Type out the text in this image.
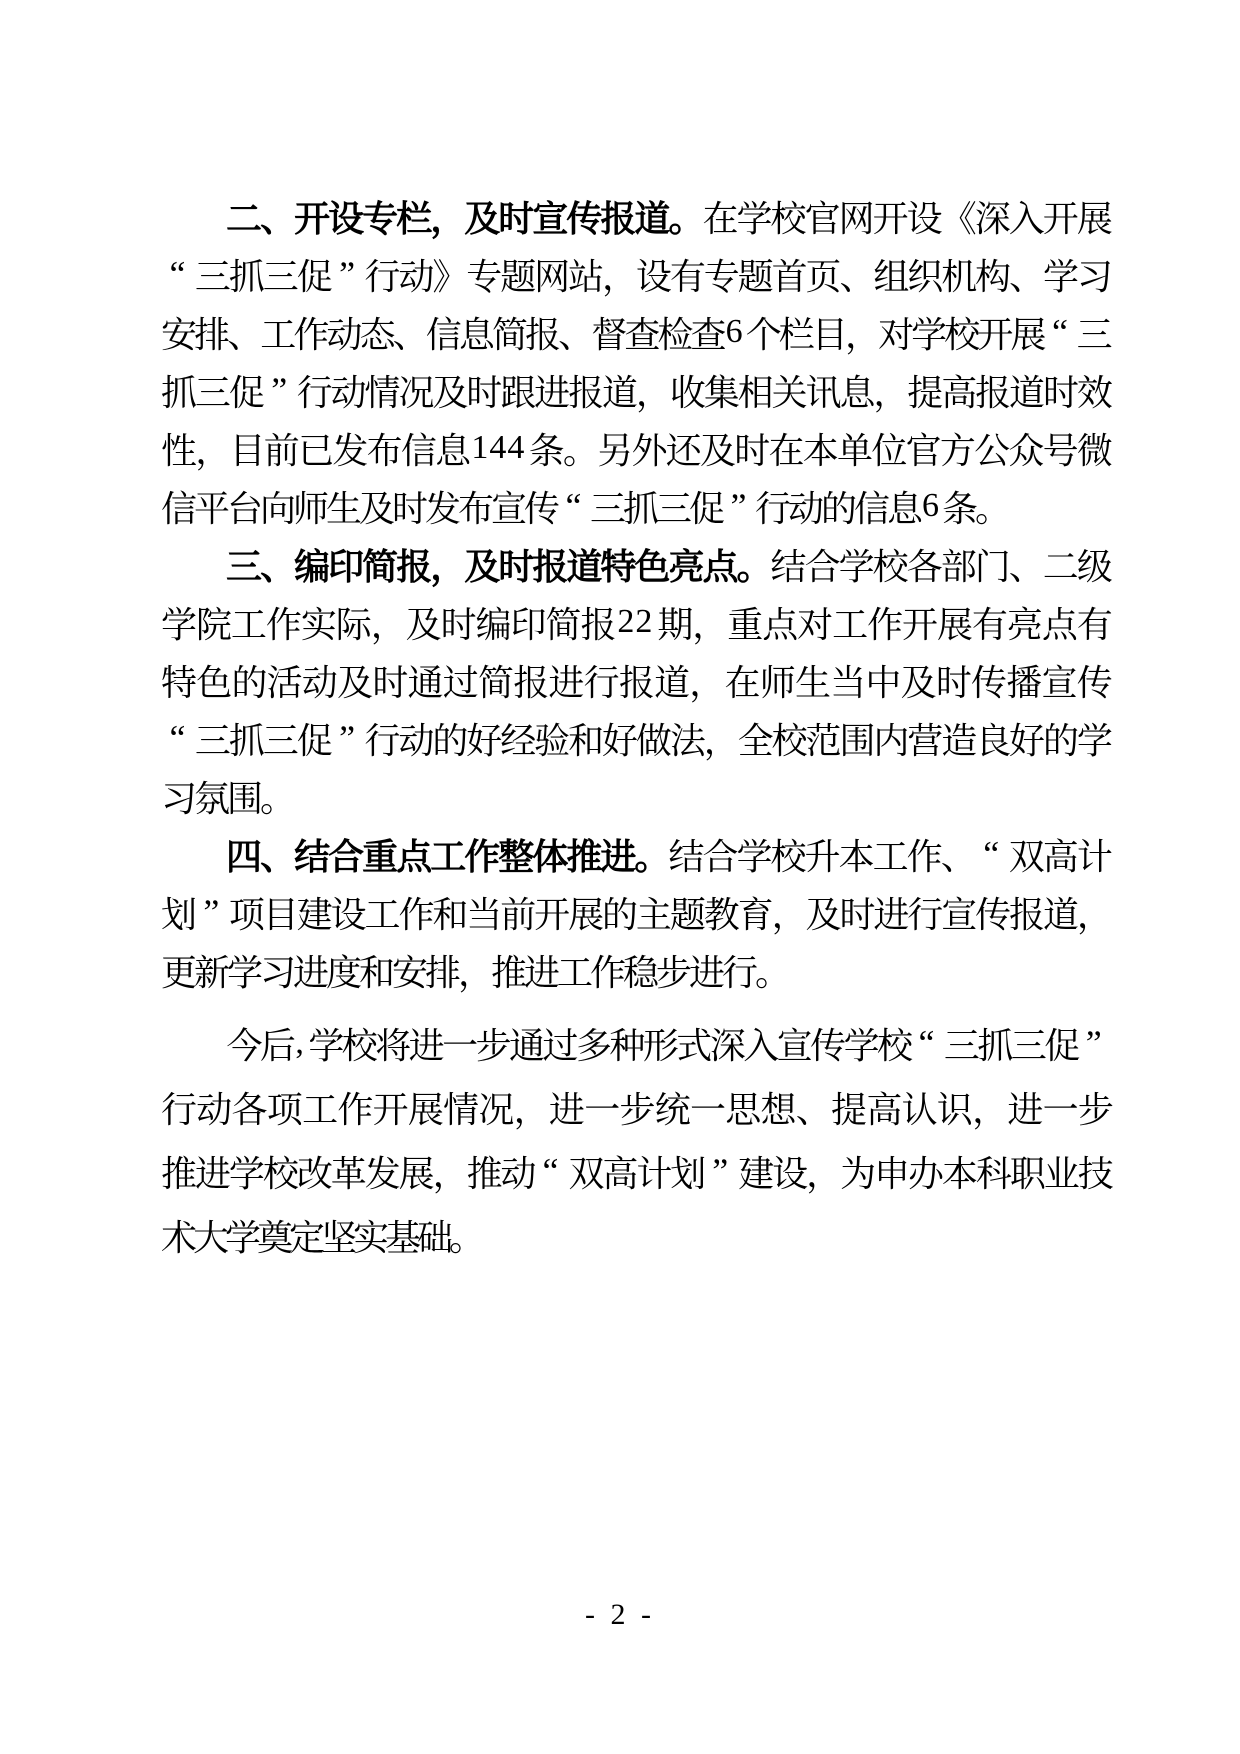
二
、
开
设
专
栏
，
及
时
宣
传
报
道
。
在
学
校
官
网
开
设
《
深
入
开
展
“ 三
抓
三
促 ” 行
动
》
专
题
网
站
，
设
有
专
题
首
页
、
组
织
机
构
、
学
习
安
排
、
工
作
动
态
、
信
息
简
报
、
督
查
检
查 6 个
栏
目
，
对
学
校
开
展 “ 三
抓
三
促 ” 行
动
情
况
及
时
跟
进
报
道
，
收
集
相
关
讯
息
，
提
高
报
道
时
效
性
，
目
前
已
发
布
信
息 144 条
。
另
外
还
及
时
在
本
单
位
官
方
公
众
号
微
信
平
台
向
师
生
及
时
发
布
宣
传 “ 三
抓
三
促 ” 行
动
的
信
息
6 条
。
三
、
编
印
简
报
，
及
时
报
道
特
色
亮
点
。
结
合
学
校
各
部
门
、
二
级
学
院
工
作
实
际
，
及
时
编
印
简
报 22 期
，
重
点
对
工
作
开
展
有
亮
点
有
特 色 的 活 动 及 时 通 过 简 报 进 行 报 道 ， 在 师 生 当 中 及 时 传 播 宣 传
“ 三
抓
三
促 ” 行
动
的
好
经
验
和
好
做
法
，
全
校
范
围
内
营
造
良
好
的
学
习
氛
围
。
四
、
结
合
重
点
工
作
整
体
推
进
。
结
合
学
校
升
本
工
作
、 “ 双
高
计
划 ” 项
目
建
设
工
作
和
当
前
开
展
的
主
题
教
育
，
及
时
进
行
宣
传
报
道
，
更
新
学
习
进
度
和
安
排
，
推
进
工
作
稳
步
进
行
。
今
后 , 学
校
将
进
一
步
通
过
多
种
形
式
深
入
宣
传
学
校 “ 三
抓
三
促 ”
行 动 各 项 工 作 开 展 情 况 ， 进 一 步 统 一 思 想 、 提 高 认 识 ， 进 一 步
推
进
学
校
改
革
发
展
，
推
动 “ 双
高
计
划 ” 建
设
，
为
申
办
本
科
职
业
技
术
大
学
奠
定
坚
实
基
础
。
- 2 -
